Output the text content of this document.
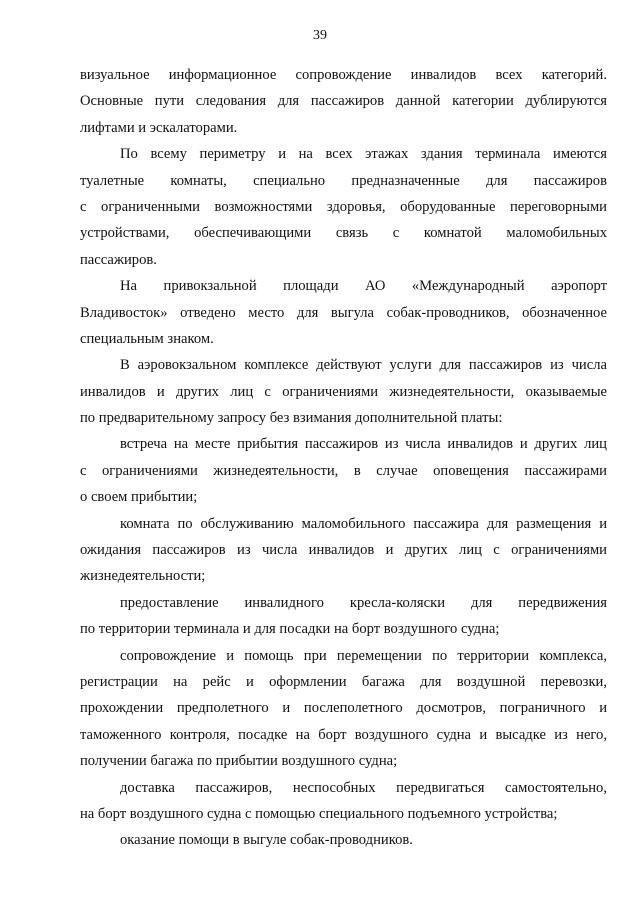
39
визуальное информационное сопровождение инвалидов всех категорий.
Основные пути следования для пассажиров данной категории дублируются
лифтами и эскалаторами.
По всему периметру и на всех этажах здания терминала имеются
туалетные комнаты, специально предназначенные для пассажиров
с ограниченными возможностями здоровья, оборудованные переговорными
устройствами, обеспечивающими связь с комнатой маломобильных
пассажиров.
На привокзальной площади АО «Международный аэропорт
Владивосток» отведено место для выгула собак-проводников, обозначенное
специальным знаком.
В аэровокзальном комплексе действуют услуги для пассажиров из числа
инвалидов и других лиц с ограничениями жизнедеятельности, оказываемые
по предварительному запросу без взимания дополнительной платы:
встреча на месте прибытия пассажиров из числа инвалидов и других лиц
с ограничениями жизнедеятельности, в случае оповещения пассажирами
о своем прибытии;
комната по обслуживанию маломобильного пассажира для размещения и
ожидания пассажиров из числа инвалидов и других лиц с ограничениями
жизнедеятельности;
предоставление инвалидного кресла-коляски для передвижения
по территории терминала и для посадки на борт воздушного судна;
сопровождение и помощь при перемещении по территории комплекса,
регистрации на рейс и оформлении багажа для воздушной перевозки,
прохождении предполетного и послеполетного досмотров, пограничного и
таможенного контроля, посадке на борт воздушного судна и высадке из него,
получении багажа по прибытии воздушного судна;
доставка пассажиров, неспособных передвигаться самостоятельно,
на борт воздушного судна с помощью специального подъемного устройства;
оказание помощи в выгуле собак-проводников.
